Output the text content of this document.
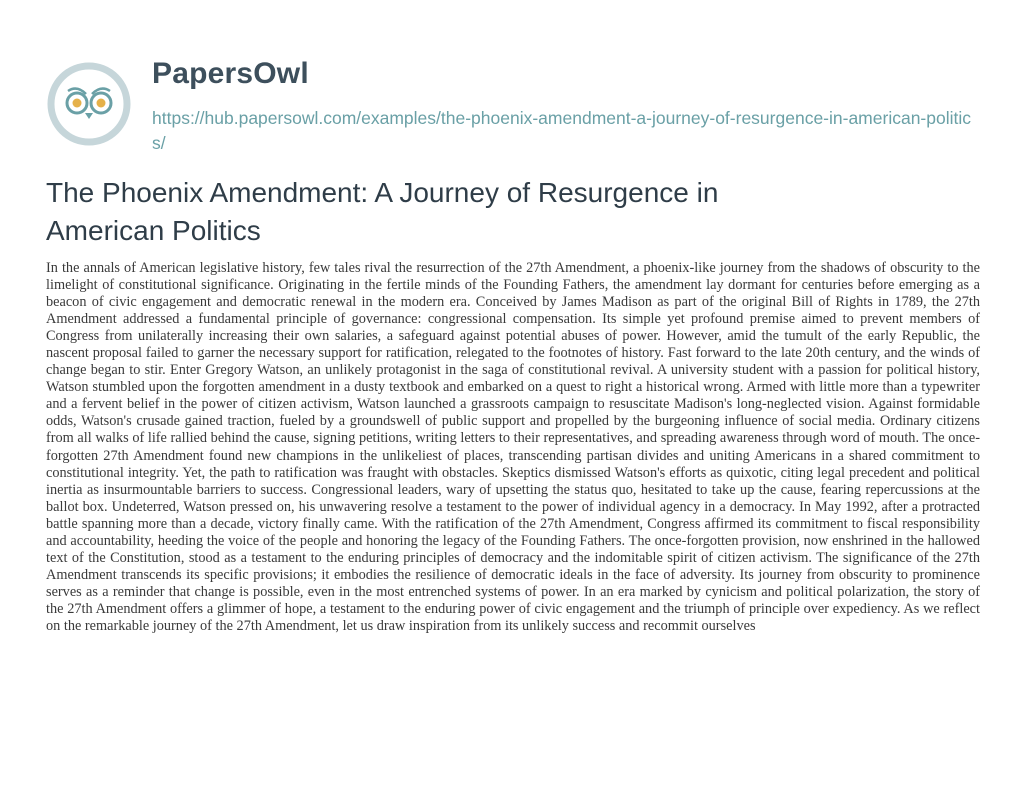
PapersOwl
https://hub.papersowl.com/examples/the-phoenix-amendment-a-journey-of-resurgence-in-american-politics/
The Phoenix Amendment: A Journey of Resurgence in American Politics

In the annals of American legislative history, few tales rival the resurrection of the 27th Amendment, a phoenix-like journey from the shadows of obscurity to the limelight of constitutional significance. Originating in the fertile minds of the Founding Fathers, the amendment lay dormant for centuries before emerging as a beacon of civic engagement and democratic renewal in the modern era. Conceived by James Madison as part of the original Bill of Rights in 1789, the 27th Amendment addressed a fundamental principle of governance: congressional compensation. Its simple yet profound premise aimed to prevent members of Congress from unilaterally increasing their own salaries, a safeguard against potential abuses of power. However, amid the tumult of the early Republic, the nascent proposal failed to garner the necessary support for ratification, relegated to the footnotes of history. Fast forward to the late 20th century, and the winds of change began to stir. Enter Gregory Watson, an unlikely protagonist in the saga of constitutional revival. A university student with a passion for political history, Watson stumbled upon the forgotten amendment in a dusty textbook and embarked on a quest to right a historical wrong. Armed with little more than a typewriter and a fervent belief in the power of citizen activism, Watson launched a grassroots campaign to resuscitate Madison's long-neglected vision. Against formidable odds, Watson's crusade gained traction, fueled by a groundswell of public support and propelled by the burgeoning influence of social media. Ordinary citizens from all walks of life rallied behind the cause, signing petitions, writing letters to their representatives, and spreading awareness through word of mouth. The once-forgotten 27th Amendment found new champions in the unlikeliest of places, transcending partisan divides and uniting Americans in a shared commitment to constitutional integrity. Yet, the path to ratification was fraught with obstacles. Skeptics dismissed Watson's efforts as quixotic, citing legal precedent and political inertia as insurmountable barriers to success. Congressional leaders, wary of upsetting the status quo, hesitated to take up the cause, fearing repercussions at the ballot box. Undeterred, Watson pressed on, his unwavering resolve a testament to the power of individual agency in a democracy. In May 1992, after a protracted battle spanning more than a decade, victory finally came. With the ratification of the 27th Amendment, Congress affirmed its commitment to fiscal responsibility and accountability, heeding the voice of the people and honoring the legacy of the Founding Fathers. The once-forgotten provision, now enshrined in the hallowed text of the Constitution, stood as a testament to the enduring principles of democracy and the indomitable spirit of citizen activism. The significance of the 27th Amendment transcends its specific provisions; it embodies the resilience of democratic ideals in the face of adversity. Its journey from obscurity to prominence serves as a reminder that change is possible, even in the most entrenched systems of power. In an era marked by cynicism and political polarization, the story of the 27th Amendment offers a glimmer of hope, a testament to the enduring power of civic engagement and the triumph of principle over expediency. As we reflect on the remarkable journey of the 27th Amendment, let us draw inspiration from its unlikely success and recommit ourselves
